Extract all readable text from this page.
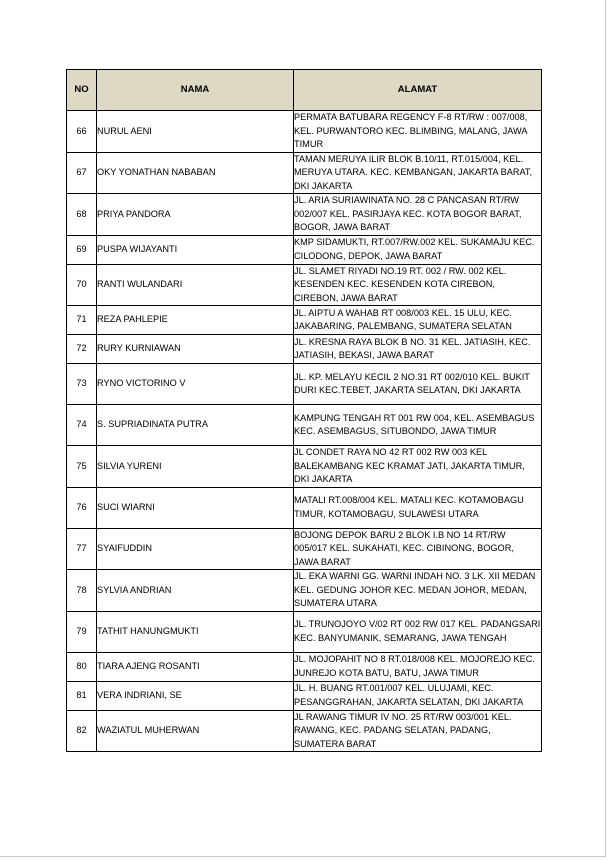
NO	NAMA	ALAMAT
66	NURUL AENI	PERMATA BATUBARA REGENCY F-8 RT/RW : 007/008, KEL. PURWANTORO KEC. BLIMBING, MALANG, JAWA TIMUR
67	OKY YONATHAN NABABAN	TAMAN MERUYA ILIR BLOK B.10/11, RT.015/004, KEL. MERUYA UTARA. KEC. KEMBANGAN, JAKARTA BARAT, DKI JAKARTA
68	PRIYA PANDORA	JL. ARIA SURIAWINATA NO. 28 C PANCASAN RT/RW 002/007 KEL. PASIRJAYA KEC. KOTA BOGOR BARAT, BOGOR, JAWA BARAT
69	PUSPA WIJAYANTI	KMP SIDAMUKTI, RT.007/RW.002 KEL. SUKAMAJU KEC. CILODONG, DEPOK, JAWA BARAT
70	RANTI WULANDARI	JL. SLAMET RIYADI NO.19 RT. 002 / RW. 002 KEL. KESENDEN KEC. KESENDEN KOTA CIREBON, CIREBON, JAWA BARAT
71	REZA PAHLEPIE	JL. AIPTU A WAHAB RT 008/003 KEL. 15 ULU, KEC. JAKABARING, PALEMBANG, SUMATERA SELATAN
72	RURY KURNIAWAN	JL. KRESNA RAYA BLOK B NO. 31 KEL. JATIASIH, KEC. JATIASIH, BEKASI, JAWA BARAT
73	RYNO VICTORINO V	JL. KP. MELAYU KECIL 2 NO.31 RT 002/010 KEL. BUKIT DURI KEC.TEBET, JAKARTA SELATAN, DKI JAKARTA
74	S. SUPRIADINATA PUTRA	KAMPUNG TENGAH RT 001 RW 004, KEL. ASEMBAGUS KEC. ASEMBAGUS, SITUBONDO, JAWA TIMUR
75	SILVIA YURENI	JL CONDET RAYA NO 42 RT 002 RW 003 KEL BALEKAMBANG KEC KRAMAT JATI, JAKARTA TIMUR, DKI JAKARTA
76	SUCI WIARNI	MATALI RT.008/004 KEL. MATALI KEC. KOTAMOBAGU TIMUR, KOTAMOBAGU, SULAWESI UTARA
77	SYAIFUDDIN	BOJONG DEPOK BARU 2 BLOK I.B NO 14 RT/RW 005/017 KEL. SUKAHATI, KEC. CIBINONG, BOGOR, JAWA BARAT
78	SYLVIA ANDRIAN	JL. EKA WARNI GG. WARNI INDAH NO. 3 LK. XII MEDAN KEL. GEDUNG JOHOR KEC. MEDAN JOHOR, MEDAN, SUMATERA UTARA
79	TATHIT HANUNGMUKTI	JL. TRUNOJOYO V/02 RT 002 RW 017 KEL. PADANGSARI KEC. BANYUMANIK, SEMARANG, JAWA TENGAH
80	TIARA AJENG ROSANTI	JL. MOJOPAHIT NO 8 RT.018/008 KEL. MOJOREJO KEC. JUNREJO KOTA BATU, BATU, JAWA TIMUR
81	VERA INDRIANI, SE	JL. H. BUANG RT.001/007 KEL. ULUJAMI, KEC. PESANGGRAHAN, JAKARTA SELATAN, DKI JAKARTA
82	WAZIATUL MUHERWAN	JL RAWANG TIMUR IV NO. 25 RT/RW 003/001 KEL. RAWANG, KEC. PADANG SELATAN, PADANG, SUMATERA BARAT
